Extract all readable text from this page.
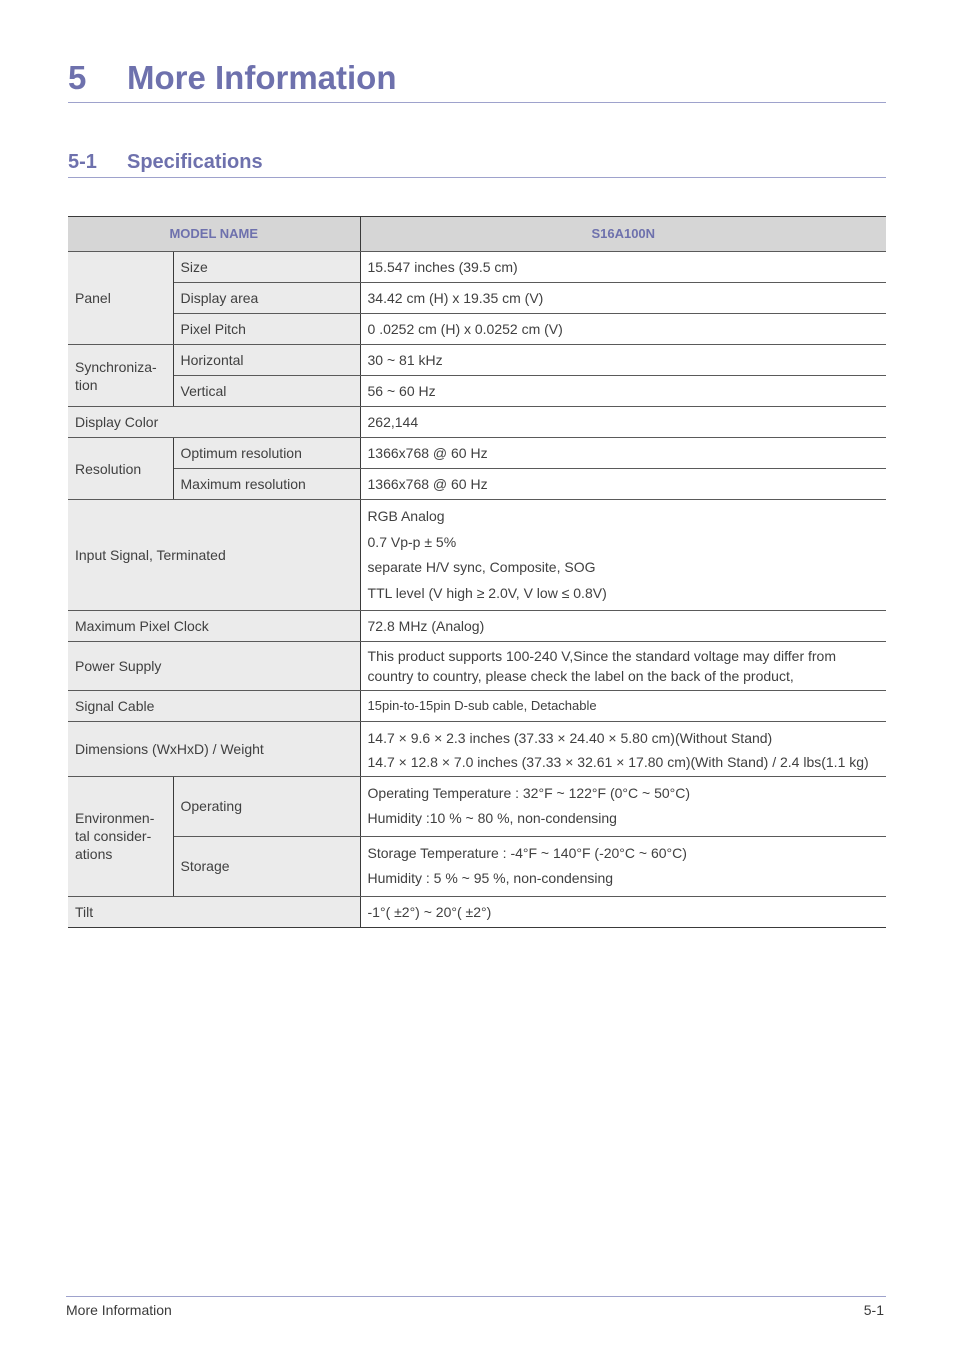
5 More Information
5-1 Specifications
MODEL NAME		S16A100N
Panel	Size	15.547 inches (39.5 cm)
	Display area	34.42 cm (H) x 19.35 cm (V)
	Pixel Pitch	0 .0252 cm (H) x 0.0252 cm (V)
Synchroniza-tion	Horizontal	30 ~ 81 kHz
	Vertical	56 ~ 60 Hz
Display Color		262,144
Resolution	Optimum resolution	1366x768 @ 60 Hz
	Maximum resolution	1366x768 @ 60 Hz
Input Signal, Terminated		RGB Analog
0.7 Vp-p ± 5%
separate H/V sync, Composite, SOG
TTL level (V high ≥ 2.0V, V low ≤ 0.8V)

Maximum Pixel Clock		72.8 MHz (Analog)
Power Supply		This product supports 100-240 V,Since the standard voltage may differ from country to country, please check the label on the back of the product,

Signal Cable		15pin-to-15pin D-sub cable, Detachable
Dimensions (WxHxD) / Weight		14.7 × 9.6 × 2.3 inches (37.33 × 24.40 × 5.80 cm)(Without Stand)
14.7 × 12.8 × 7.0 inches (37.33 × 32.61 × 17.80 cm)(With Stand) / 2.4 lbs(1.1 kg)

Environmen-tal consider-ations	Operating	Operating Temperature : 32°F ~ 122°F (0°C ~ 50°C)
Humidity :10 % ~ 80 %, non-condensing

	Storage	Storage Temperature : -4°F ~ 140°F (-20°C ~ 60°C)
Humidity : 5 % ~ 95 %, non-condensing

Tilt		-1°( ±2°) ~ 20°( ±2°)
More Information	5-1
